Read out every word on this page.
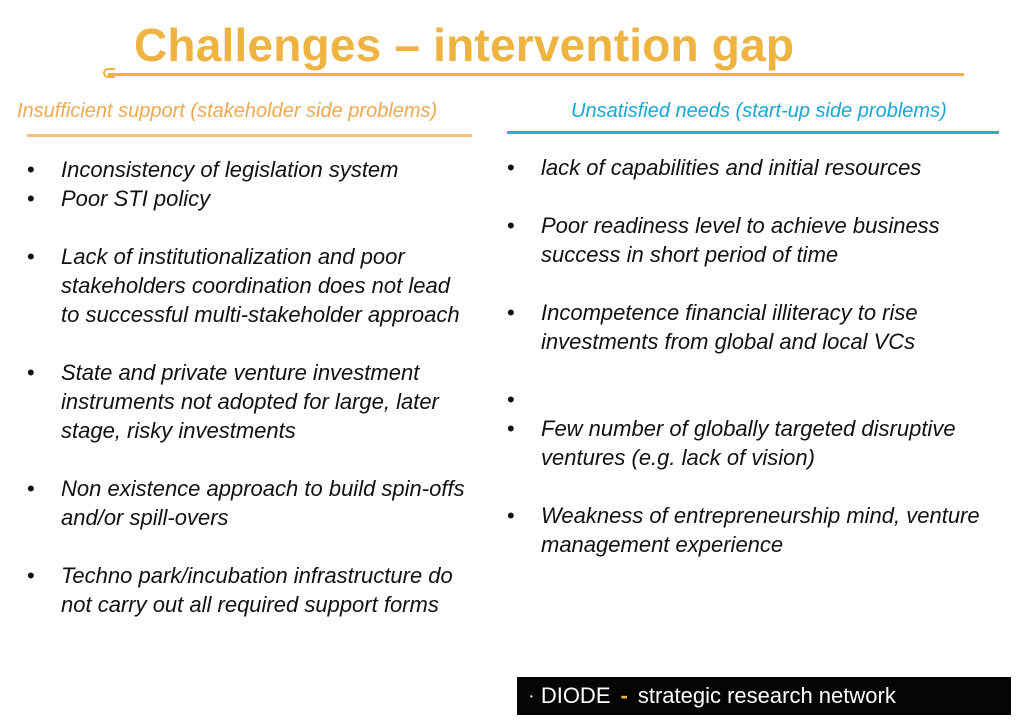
Challenges – intervention gap
Insufficient support (stakeholder side problems)	Unsatisfied needs (start-up side problems)
• Inconsistency of legislation system
• Poor STI policy
• Lack of institutionalization and poor stakeholders coordination does not lead to successful multi-stakeholder approach
• State and private venture investment instruments not adopted for large, later stage, risky investments
• Non existence approach to build spin-offs and/or spill-overs
• Techno park/incubation infrastructure do not carry out all required support forms
• lack of capabilities and initial resources
• Poor readiness level to achieve business success in short period of time
• Incompetence financial illiteracy to rise investments from global and local VCs
•

• Few number of globally targeted disruptive ventures (e.g. lack of vision)
• Weakness of entrepreneurship mind, venture management experience
• DIODE - strategic research network
